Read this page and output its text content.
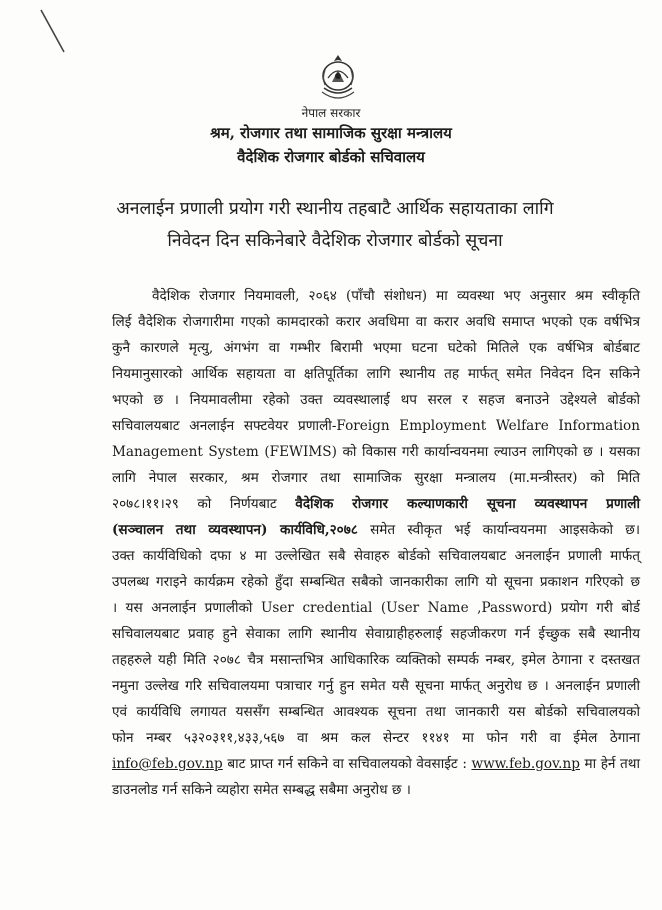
नेपाल सरकार
श्रम, रोजगार तथा सामाजिक सुरक्षा मन्त्रालय
वैदेशिक रोजगार बोर्डको सचिवालय
अनलाईन प्रणाली प्रयोग गरी स्थानीय तहबाटै आर्थिक सहायताका लागि
निवेदन दिन सकिनेबारे वैदेशिक रोजगार बोर्डको सूचना
वैदेशिक रोजगार नियमावली, २०६४ (पाँचौ संशोधन) मा व्यवस्था भए अनुसार श्रम स्वीकृति
लिई वैदेशिक रोजगारीमा गएको कामदारको करार अवधिमा वा करार अवधि समाप्त भएको एक वर्षभित्र
कुनै कारणले मृत्यु, अंगभंग वा गम्भीर बिरामी भएमा घटना घटेको मितिले एक वर्षभित्र बोर्डबाट
नियमानुसारको आर्थिक सहायता वा क्षतिपूर्तिका लागि स्थानीय तह मार्फत् समेत निवेदन दिन सकिने
भएको छ । नियमावलीमा रहेको उक्त व्यवस्थालाई थप सरल र सहज बनाउने उद्देश्यले बोर्डको
सचिवालयबाट अनलाईन सफ्टवेयर प्रणाली-Foreign Employment Welfare Information
Management System (FEWIMS) को विकास गरी कार्यान्वयनमा ल्याउन लागिएको छ । यसका
लागि नेपाल सरकार, श्रम रोजगार तथा सामाजिक सुरक्षा मन्त्रालय (मा.मन्त्रीस्तर) को मिति
२०७८।११।२९ को निर्णयबाट वैदेशिक रोजगार कल्याणकारी सूचना व्यवस्थापन प्रणाली
(सञ्चालन तथा व्यवस्थापन) कार्यविधि,२०७८ समेत स्वीकृत भई कार्यान्वयनमा आइसकेको छ।
उक्त कार्यविधिको दफा ४ मा उल्लेखित सबै सेवाहरु बोर्डको सचिवालयबाट अनलाईन प्रणाली मार्फत्
उपलब्ध गराइने कार्यक्रम रहेको हुँदा सम्बन्धित सबैको जानकारीका लागि यो सूचना प्रकाशन गरिएको छ
। यस अनलाईन प्रणालीको User credential (User Name ,Password) प्रयोग गरी बोर्ड
सचिवालयबाट प्रवाह हुने सेवाका लागि स्थानीय सेवाग्राहीहरुलाई सहजीकरण गर्न ईच्छुक सबै स्थानीय
तहहरुले यही मिति २०७८ चैत्र मसान्तभित्र आधिकारिक व्यक्तिको सम्पर्क नम्बर, इमेल ठेगाना र दस्तखत
नमुना उल्लेख गरि सचिवालयमा पत्राचार गर्नु हुन समेत यसै सूचना मार्फत् अनुरोध छ । अनलाईन प्रणाली
एवं कार्यविधि लगायत यससँग सम्बन्धित आवश्यक सूचना तथा जानकारी यस बोर्डको सचिवालयको
फोन नम्बर ५३२०३११,४३३,५६७ वा श्रम कल सेन्टर ११४१ मा फोन गरी वा ईमेल ठेगाना
info@feb.gov.np बाट प्राप्त गर्न सकिने वा सचिवालयको वेवसाईट : www.feb.gov.np मा हेर्न तथा
डाउनलोड गर्न सकिने व्यहोरा समेत सम्बद्ध सबैमा अनुरोध छ ।
